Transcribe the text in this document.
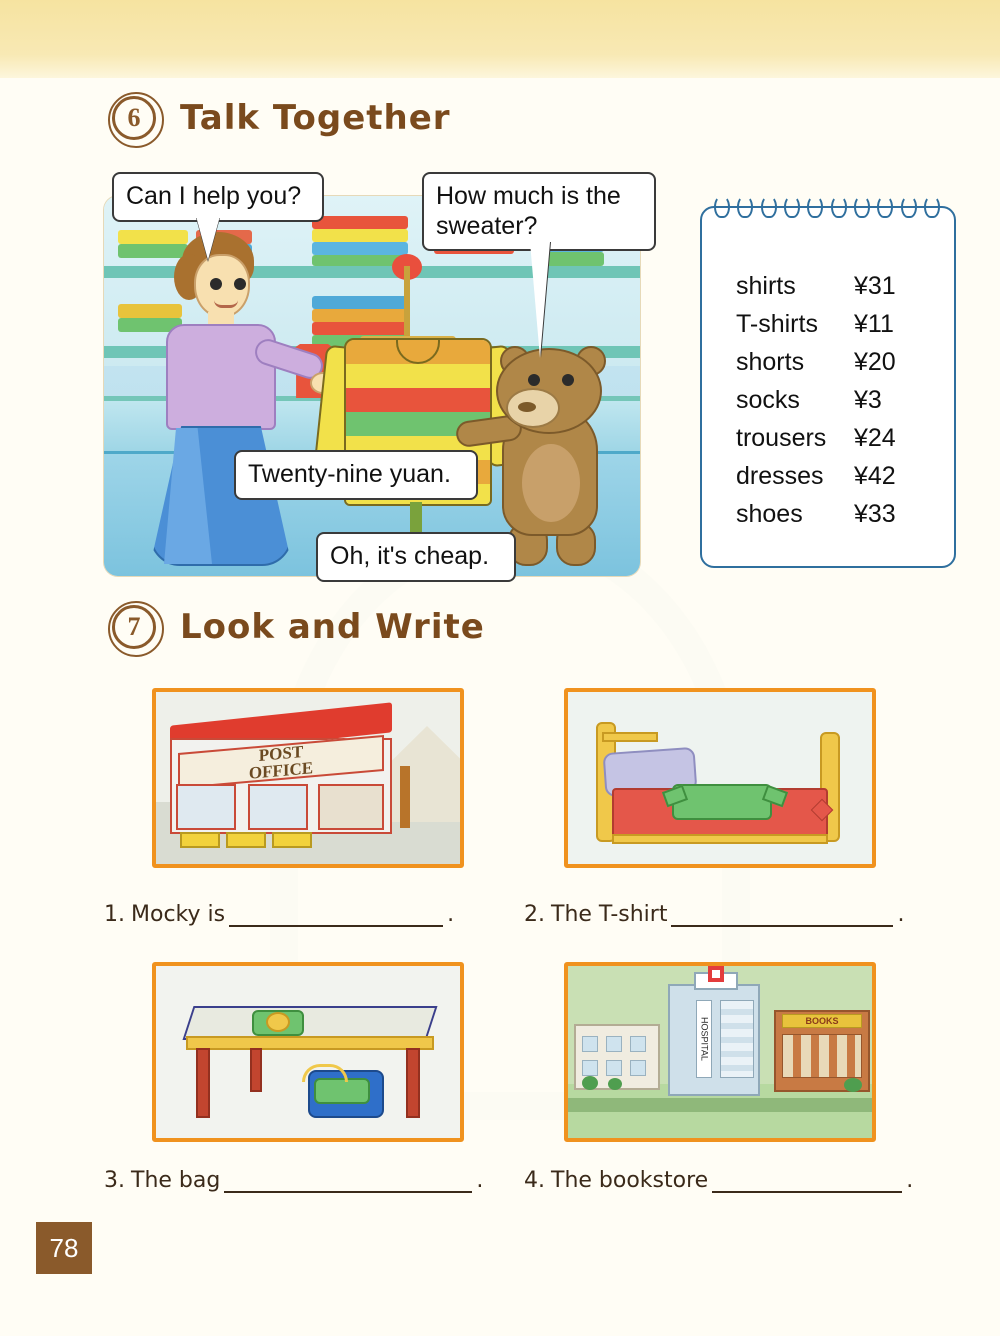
6	Talk Together
Can I help you?	How much is the sweater?
Twenty-nine yuan.
Oh, it's cheap.
shirts	¥31
T-shirts	¥11
shorts	¥20
socks	¥3
trousers	¥24
dresses	¥42
shoes	¥33
7	Look and Write
POST
OFFICE
1. Mocky is	.	2. The T-shirt	.
HOSPITAL	BOOKS
3. The bag	. 4. The bookstore	.
78
